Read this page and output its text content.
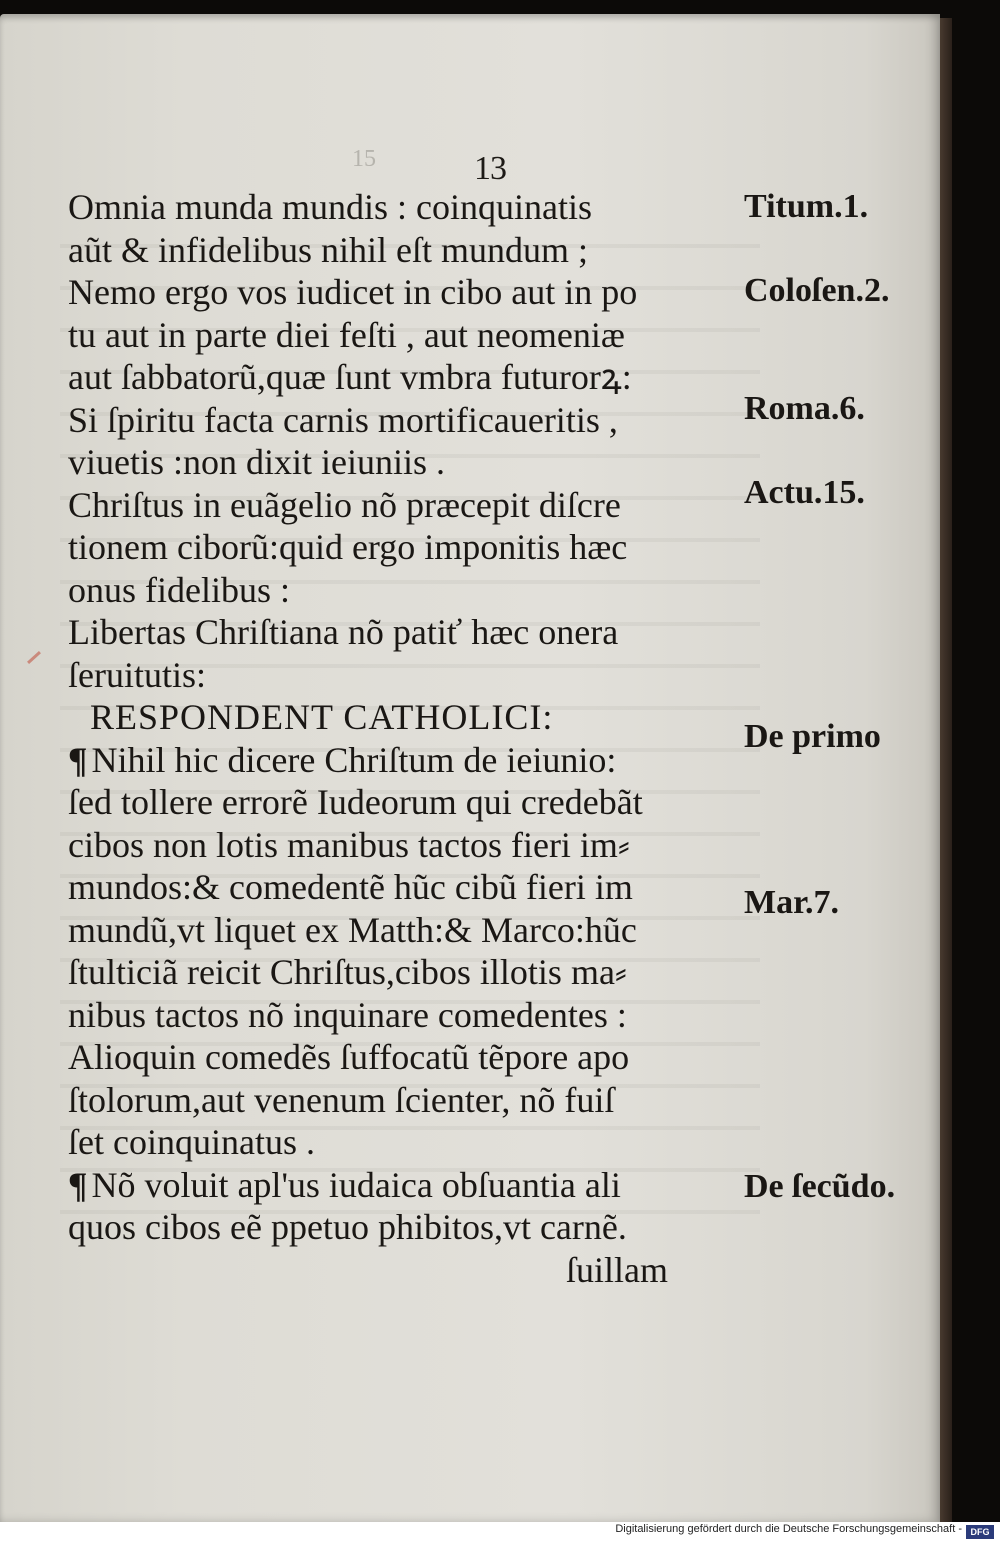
15	13
Omnia munda mundis : coinquinatis
aũt & infidelibus nihil eſt mundum ;
Nemo ergo vos iudicet in cibo aut in po
tu aut in parte diei feſti , aut neomeniæ
aut ſabbatorũ,quæ ſunt vmbra futurorꝝ:
Si ſpiritu facta carnis mortificaueritis ,
viuetis :non dixit ieiuniis .
Chriſtus in euãgelio nõ præcepit diſcre
tionem ciborũ:quid ergo imponitis hæc
onus fidelibus :
Libertas Chriſtiana nõ patiť hæc onera
ſeruitutis:
RESPONDENT CATHOLICI:
¶ Nihil hic dicere Chriſtum de ieiunio:
ſed tollere errorẽ Iudeorum qui credebãt
cibos non lotis manibus tactos fieri im⸗
mundos:& comedentẽ hũc cibũ fieri im
mundũ,vt liquet ex Matth:& Marco:hũc
ſtulticiã reicit Chriſtus,cibos illotis ma⸗
nibus tactos nõ inquinare comedentes :
Alioquin comedẽs ſuffocatũ tẽpore apo
ſtolorum,aut venenum ſcienter, nõ fuiſ
ſet coinquinatus .
¶ Nõ voluit apl'us iudaica obſuantia ali
quos cibos eẽ ppetuo phibitos,vt carnẽ.
ſuillam
Titum.1.
Coloſen.2.
Roma.6.
Actu.15.
De primo
Mar.7.
De ſecũdo.
Digitalisierung gefördert durch die Deutsche Forschungsgemeinschaft - DFG
